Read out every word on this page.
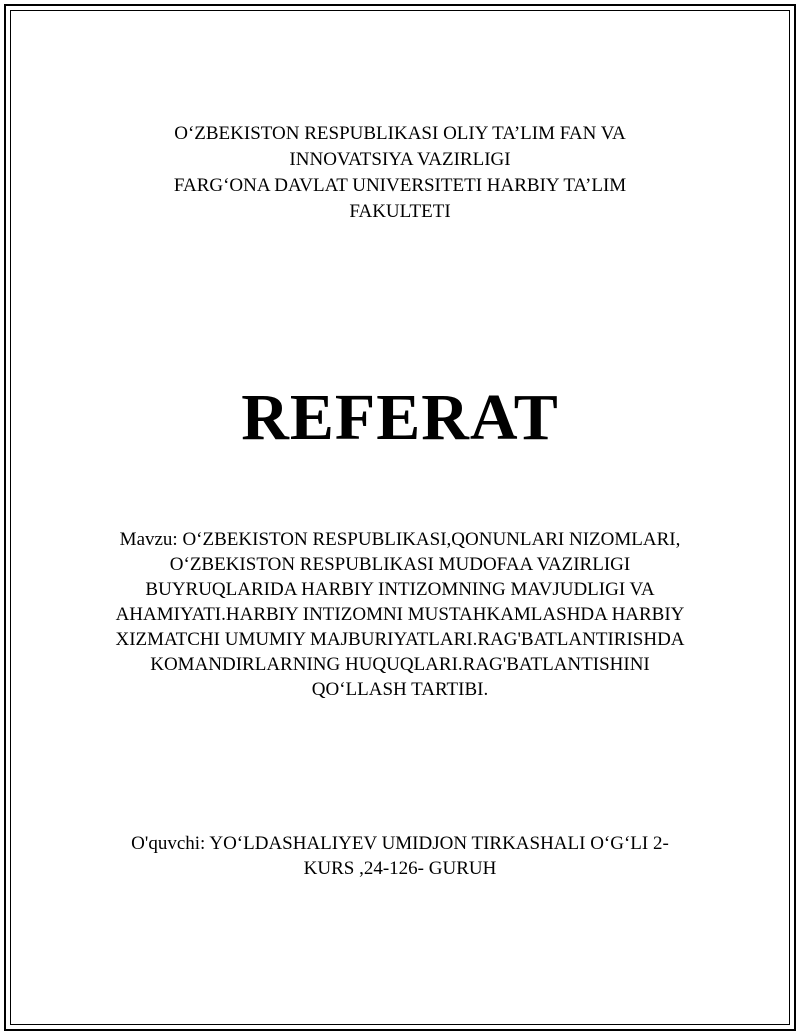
O‘ZBEKISTON RESPUBLIKASI OLIY TA’LIM FAN VA
INNOVATSIYA VAZIRLIGI
FARG‘ONA DAVLAT UNIVERSITETI HARBIY TA’LIM
FAKULTETI
REFERAT
Mavzu: O‘ZBEKISTON RESPUBLIKASI,QONUNLARI NIZOMLARI,
O‘ZBEKISTON RESPUBLIKASI MUDOFAA VAZIRLIGI
BUYRUQLARIDA HARBIY INTIZOMNING MAVJUDLIGI VA
AHAMIYATI.HARBIY INTIZOMNI MUSTAHKAMLASHDA HARBIY
XIZMATCHI UMUMIY MAJBURIYATLARI.RAG'BATLANTIRISHDA
KOMANDIRLARNING HUQUQLARI.RAG'BATLANTISHINI
QO‘LLASH TARTIBI.
O'quvchi: YO‘LDASHALIYEV UMIDJON TIRKASHALI O‘G‘LI 2-
KURS ,24-126- GURUH
